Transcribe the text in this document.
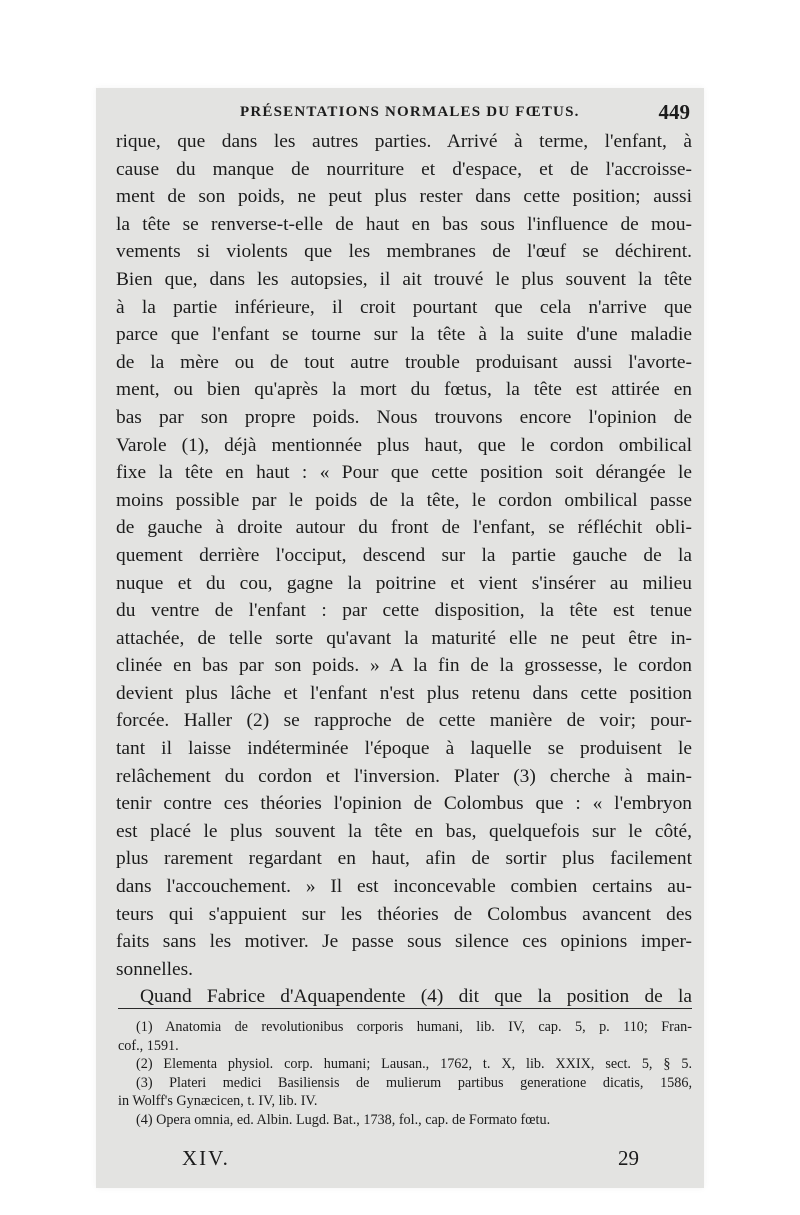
PRÉSENTATIONS NORMALES DU FŒTUS.	449
rique, que dans les autres parties. Arrivé à terme, l'enfant, à
cause du manque de nourriture et d'espace, et de l'accroisse-
ment de son poids, ne peut plus rester dans cette position; aussi
la tête se renverse-t-elle de haut en bas sous l'influence de mou-
vements si violents que les membranes de l'œuf se déchirent.
Bien que, dans les autopsies, il ait trouvé le plus souvent la tête
à la partie inférieure, il croit pourtant que cela n'arrive que
parce que l'enfant se tourne sur la tête à la suite d'une maladie
de la mère ou de tout autre trouble produisant aussi l'avorte-
ment, ou bien qu'après la mort du fœtus, la tête est attirée en
bas par son propre poids. Nous trouvons encore l'opinion de
Varole (1), déjà mentionnée plus haut, que le cordon ombilical
fixe la tête en haut : « Pour que cette position soit dérangée le
moins possible par le poids de la tête, le cordon ombilical passe
de gauche à droite autour du front de l'enfant, se réfléchit obli-
quement derrière l'occiput, descend sur la partie gauche de la
nuque et du cou, gagne la poitrine et vient s'insérer au milieu
du ventre de l'enfant : par cette disposition, la tête est tenue
attachée, de telle sorte qu'avant la maturité elle ne peut être in-
clinée en bas par son poids. » A la fin de la grossesse, le cordon
devient plus lâche et l'enfant n'est plus retenu dans cette position
forcée. Haller (2) se rapproche de cette manière de voir; pour-
tant il laisse indéterminée l'époque à laquelle se produisent le
relâchement du cordon et l'inversion. Plater (3) cherche à main-
tenir contre ces théories l'opinion de Colombus que : « l'embryon
est placé le plus souvent la tête en bas, quelquefois sur le côté,
plus rarement regardant en haut, afin de sortir plus facilement
dans l'accouchement. » Il est inconcevable combien certains au-
teurs qui s'appuient sur les théories de Colombus avancent des
faits sans les motiver. Je passe sous silence ces opinions imper-
sonnelles.
Quand Fabrice d'Aquapendente (4) dit que la position de la
(1) Anatomia de revolutionibus corporis humani, lib. IV, cap. 5, p. 110; Fran-
cof., 1591.
(2) Elementa physiol. corp. humani; Lausan., 1762, t. X, lib. XXIX, sect. 5, § 5.
(3) Plateri medici Basiliensis de mulierum partibus generatione dicatis, 1586,
in Wolff's Gynæcicen, t. IV, lib. IV.
(4) Opera omnia, ed. Albin. Lugd. Bat., 1738, fol., cap. de Formato fœtu.
XIV.	29
